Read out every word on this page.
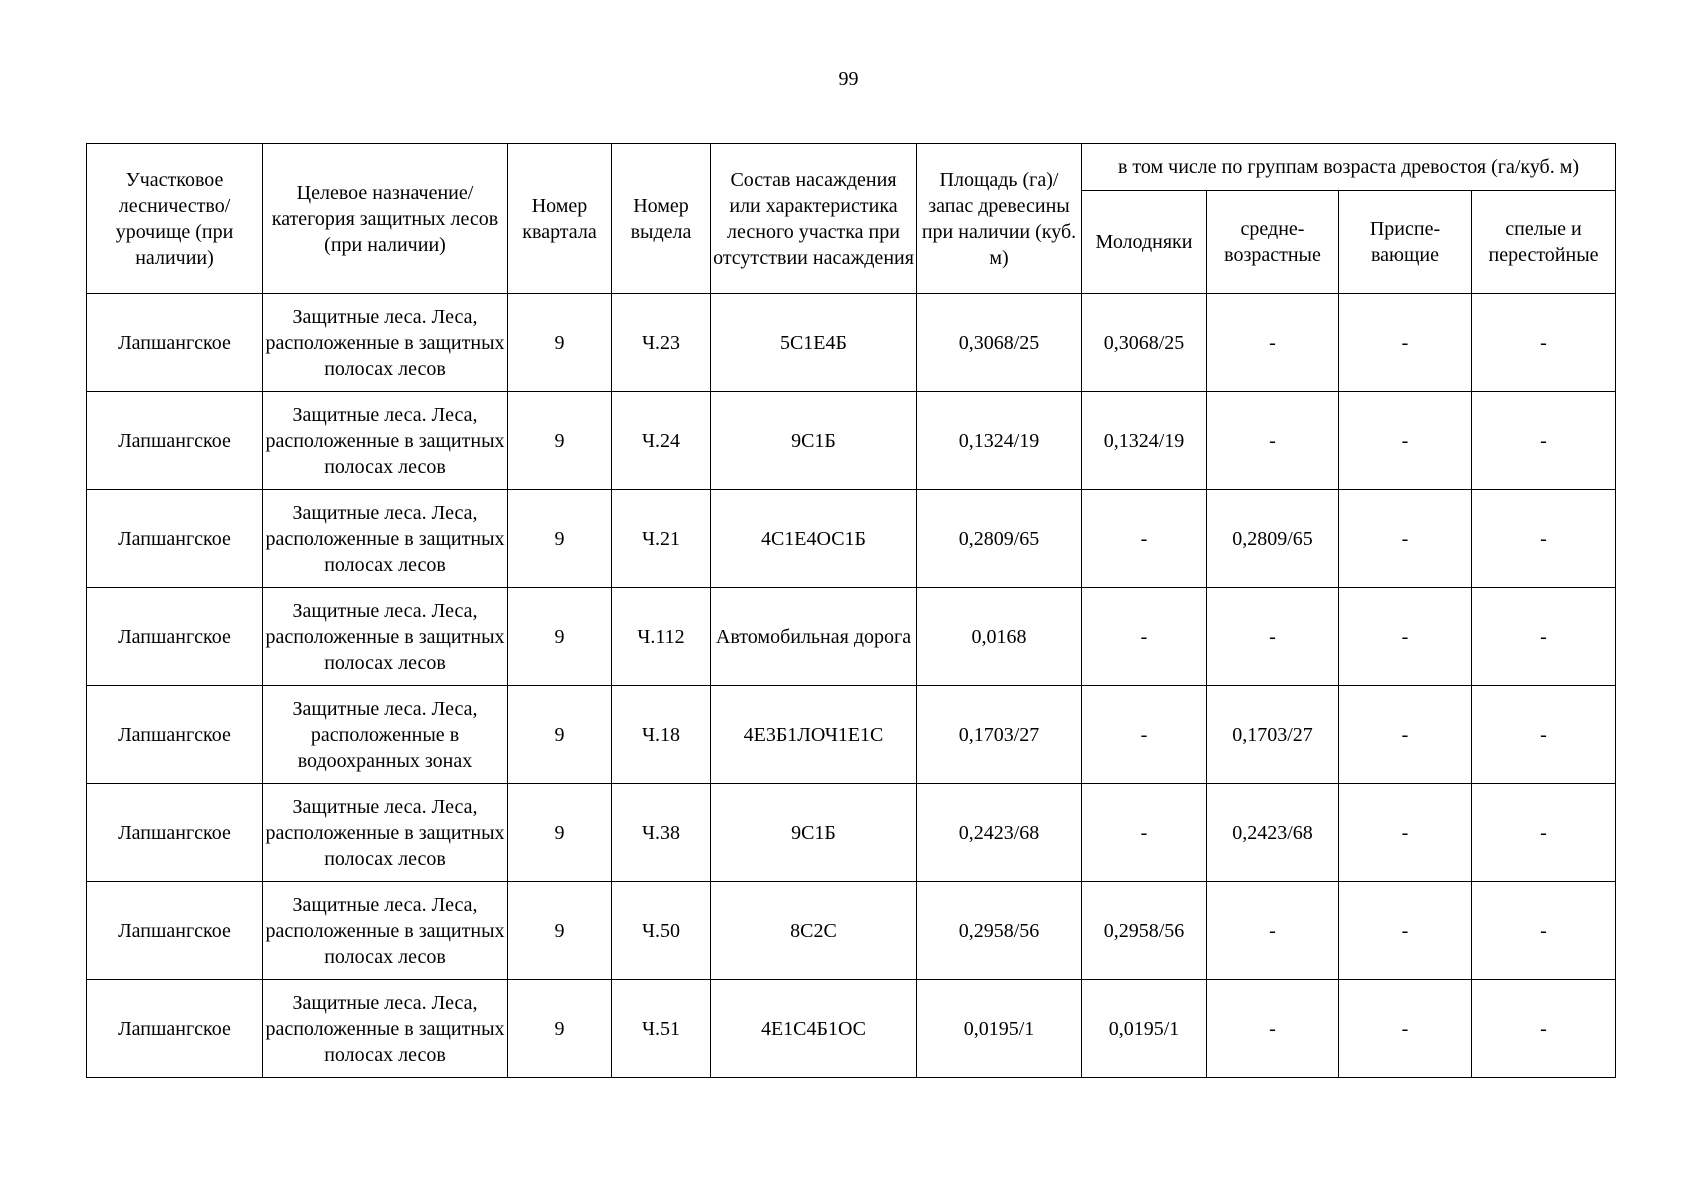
99
Участковое лесничество/ урочище (при наличии)	Целевое назначение/ категория защитных лесов (при наличии)	Номер квартала	Номер выдела	Состав насаждения или характеристика лесного участка при отсутствии насаждения	Площадь (га)/ запас древесины при наличии (куб. м)	в том числе по группам возраста древостоя (га/куб. м)			
						Молодняки	средне-возрастные	Приспе-вающие	спелые и перестойные
Лапшангское	Защитные леса. Леса, расположенные в защитных полосах лесов	9	Ч.23	5С1Е4Б	0,3068/25	0,3068/25	-	-	-
Лапшангское	Защитные леса. Леса, расположенные в защитных полосах лесов	9	Ч.24	9С1Б	0,1324/19	0,1324/19	-	-	-
Лапшангское	Защитные леса. Леса, расположенные в защитных полосах лесов	9	Ч.21	4С1Е4ОС1Б	0,2809/65	-	0,2809/65	-	-
Лапшангское	Защитные леса. Леса, расположенные в защитных полосах лесов	9	Ч.112	Автомобильная дорога	0,0168	-	-	-	-
Лапшангское	Защитные леса. Леса, расположенные в водоохранных зонах	9	Ч.18	4Е3Б1ЛОЧ1Е1С	0,1703/27	-	0,1703/27	-	-
Лапшангское	Защитные леса. Леса, расположенные в защитных полосах лесов	9	Ч.38	9С1Б	0,2423/68	-	0,2423/68	-	-
Лапшангское	Защитные леса. Леса, расположенные в защитных полосах лесов	9	Ч.50	8С2С	0,2958/56	0,2958/56	-	-	-
Лапшангское	Защитные леса. Леса, расположенные в защитных полосах лесов	9	Ч.51	4Е1С4Б1ОС	0,0195/1	0,0195/1	-	-	-
